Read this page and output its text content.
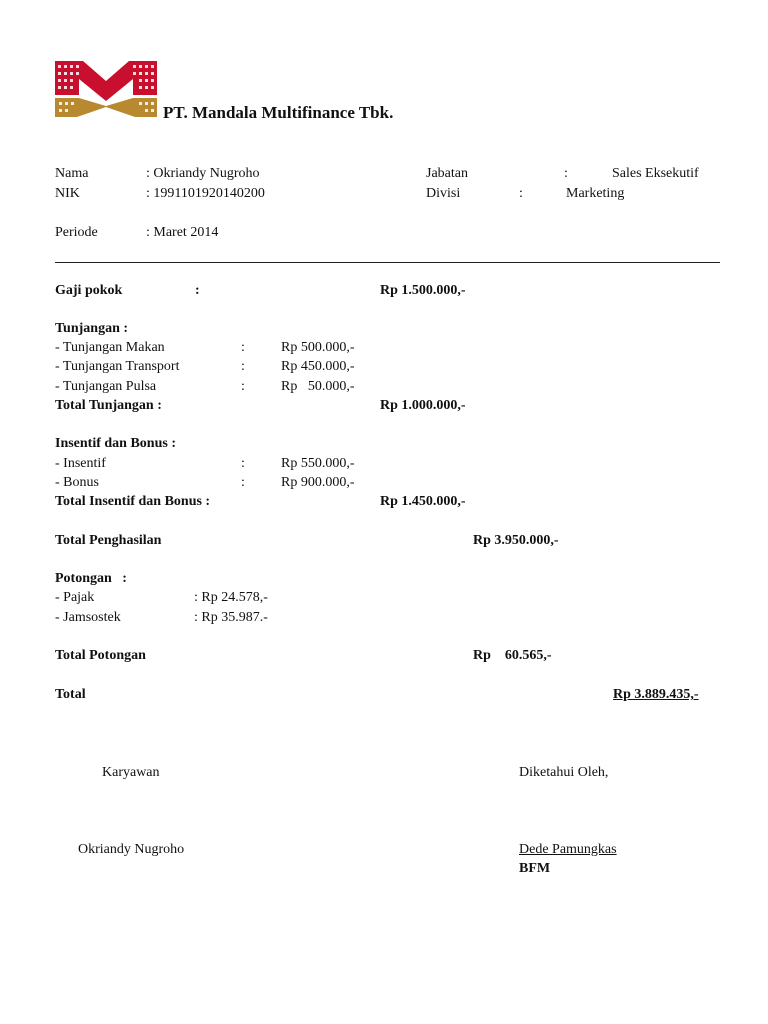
PT. Mandala Multifinance Tbk.
Nama	: Okriandy Nugroho
NIK	: 1991101920140200
Periode	: Maret 2014
Jabatan	:	Sales Eksekutif
Divisi	:	Marketing
Gaji pokok	:	Rp 1.500.000,-
Tunjangan :
- Tunjangan Makan	:	Rp 500.000,-
- Tunjangan Transport	:	Rp 450.000,-
- Tunjangan Pulsa	:	Rp   50.000,-
Total Tunjangan :	Rp 1.000.000,-
Insentif dan Bonus :
- Insentif	:	Rp 550.000,-
- Bonus	:	Rp 900.000,-
Total Insentif dan Bonus :	Rp 1.450.000,-
Total Penghasilan	Rp 3.950.000,-
Potongan   :
- Pajak	: Rp 24.578,-
- Jamsostek	: Rp 35.987.-
Total Potongan	Rp    60.565,-
Total	Rp 3.889.435,-
Karyawan
Okriandy Nugroho
Diketahui Oleh,
Dede Pamungkas
BFM
